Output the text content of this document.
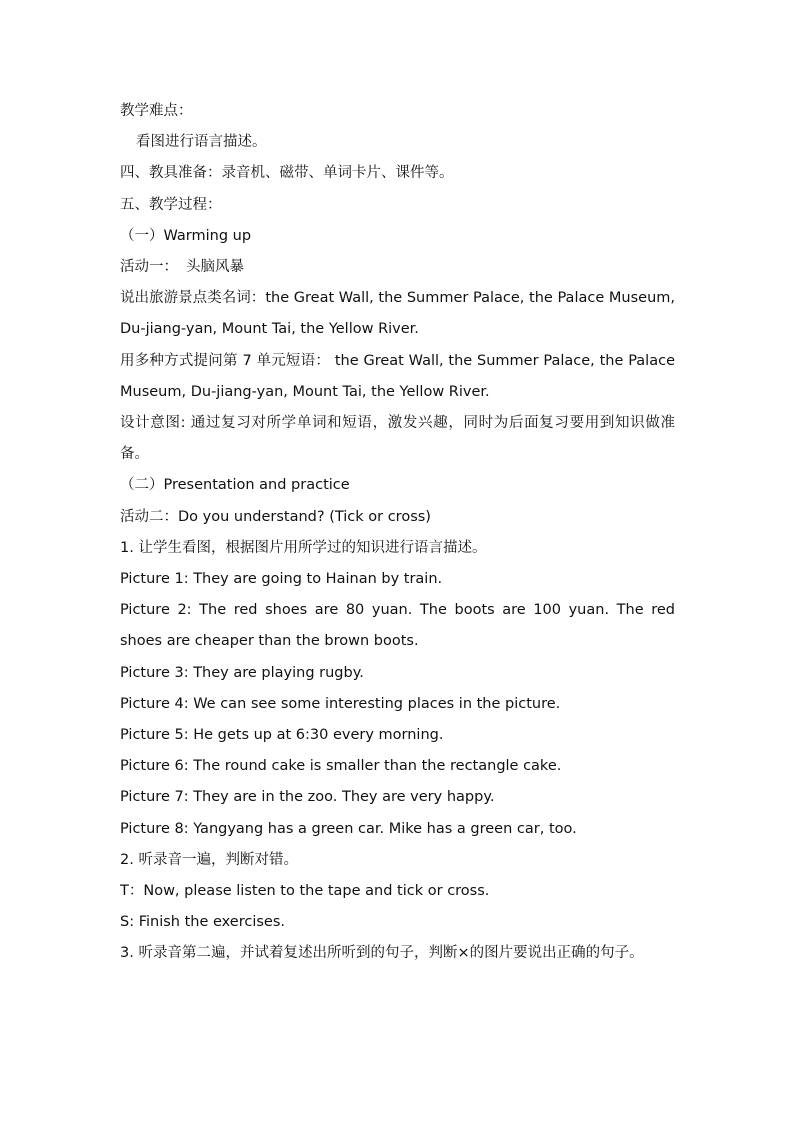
教学难点：

看图进行语言描述。

四、教具准备：录音机、磁带、单词卡片、课件等。

五、教学过程：

（一）Warming up

活动一： 头脑风暴

说出旅游景点类名词：the Great Wall, the Summer Palace, the Palace Museum, Du-jiang-yan, Mount Tai, the Yellow River.

用多种方式提问第 7 单元短语： the Great Wall, the Summer Palace, the Palace Museum, Du-jiang-yan, Mount Tai, the Yellow River.

设计意图: 通过复习对所学单词和短语，激发兴趣，同时为后面复习要用到知识做准备。

（二）Presentation and practice

活动二：Do you understand? (Tick or cross)

1. 让学生看图，根据图片用所学过的知识进行语言描述。

Picture 1: They are going to Hainan by train.

Picture 2: The red shoes are 80 yuan. The boots are 100 yuan. The red shoes are cheaper than the brown boots.

Picture 3: They are playing rugby.

Picture 4: We can see some interesting places in the picture.

Picture 5: He gets up at 6:30 every morning.

Picture 6: The round cake is smaller than the rectangle cake.

Picture 7: They are in the zoo. They are very happy.

Picture 8: Yangyang has a green car. Mike has a green car, too.

2. 听录音一遍，判断对错。

T：Now, please listen to the tape and tick or cross.

S: Finish the exercises.

3. 听录音第二遍，并试着复述出所听到的句子，判断×的图片要说出正确的句子。
